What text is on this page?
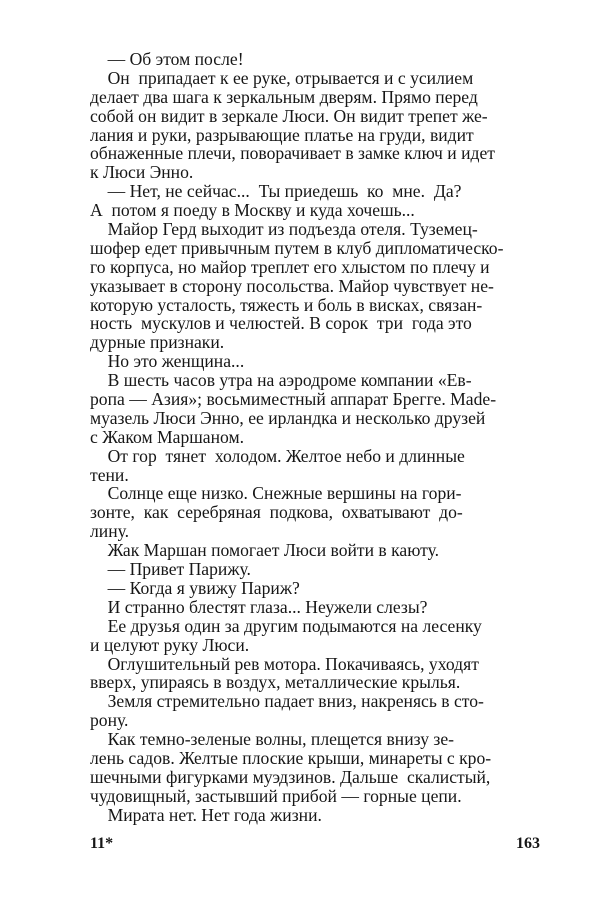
— Об этом после!
Он  припадает к ее руке, отрывается и с усилием
делает два шага к зеркальным дверям. Прямо перед
собой он видит в зеркале Люси. Он видит трепет же-
лания и руки, разрывающие платье на груди, видит
обнаженные плечи, поворачивает в замке ключ и идет
к Люси Энно.
— Нет, не сейчас...  Ты приедешь  ко  мне.  Да?
А  потом я поеду в Москву и куда хочешь...
Майор Герд выходит из подъезда отеля. Туземец-
шофер едет привычным путем в клуб дипломатическо-
го корпуса, но майор треплет его хлыстом по плечу и
указывает в сторону посольства. Майор чувствует не-
которую усталость, тяжесть и боль в висках, связан-
ность  мускулов и челюстей. В сорок  три  года это
дурные признаки.
Но это женщина...
В шесть часов утра на аэродроме компании «Ев-
ропа — Азия»; восьмиместный аппарат Брегге. Мade-
муазель Люси Энно, ее ирландка и несколько друзей
с Жаком Маршаном.
От гор  тянет  холодом. Желтое небо и длинные
тени.
Солнце еще низко. Снежные вершины на гори-
зонте,  как  серебряная  подкова,  охватывают  до-
лину.
Жак Маршан помогает Люси войти в каюту.
— Привет Парижу.
— Когда я увижу Париж?
И странно блестят глаза... Неужели слезы?
Ее друзья один за другим подымаются на лесенку
и целуют руку Люси.
Оглушительный рев мотора. Покачиваясь, уходят
вверх, упираясь в воздух, металлические крылья.
Земля стремительно падает вниз, накренясь в сто-
рону.
Как темно-зеленые волны, плещется внизу зе-
лень садов. Желтые плоские крыши, минареты с кро-
шечными фигурками муэдзинов. Дальше  скалистый,
чудовищный, застывший прибой — горные цепи.
Мирата нет. Нет года жизни.
11*	163
